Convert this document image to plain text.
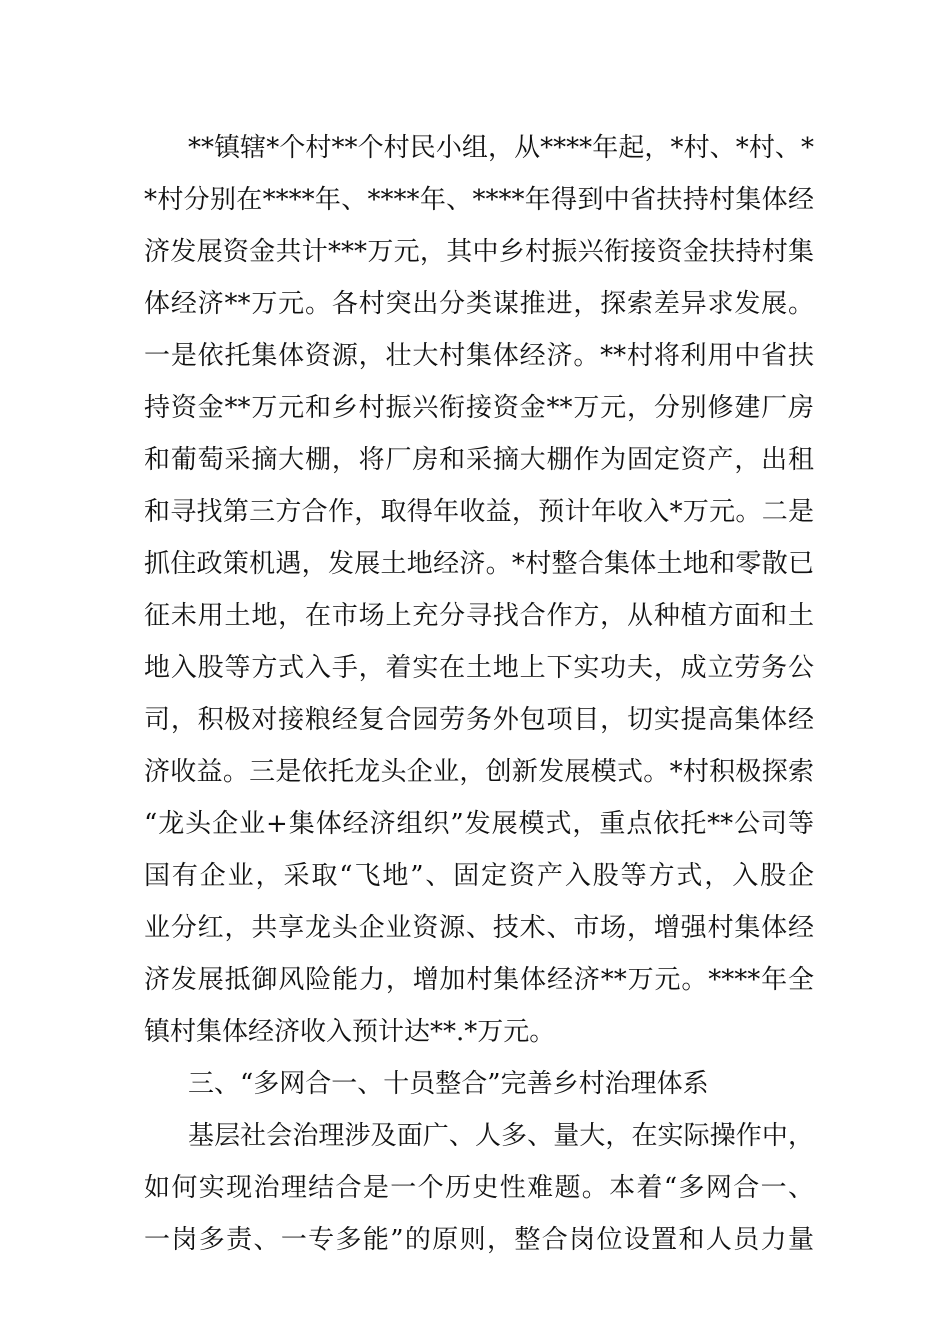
**镇辖*个村**个村民小组，从****年起，*村、*村、*
*村分别在****年、****年、****年得到中省扶持村集体经
济发展资金共计***万元，其中乡村振兴衔接资金扶持村集
体经济**万元。各村突出分类谋推进，探索差异求发展。
一是依托集体资源，壮大村集体经济。**村将利用中省扶
持资金**万元和乡村振兴衔接资金**万元，分别修建厂房
和葡萄采摘大棚，将厂房和采摘大棚作为固定资产，出租
和寻找第三方合作，取得年收益，预计年收入*万元。二是
抓住政策机遇，发展土地经济。*村整合集体土地和零散已
征未用土地，在市场上充分寻找合作方，从种植方面和土
地入股等方式入手，着实在土地上下实功夫，成立劳务公
司，积极对接粮经复合园劳务外包项目，切实提高集体经
济收益。三是依托龙头企业，创新发展模式。*村积极探索
“龙头企业+集体经济组织”发展模式，重点依托**公司等
国有企业，采取“飞地”、固定资产入股等方式，入股企
业分红，共享龙头企业资源、技术、市场，增强村集体经
济发展抵御风险能力，增加村集体经济**万元。****年全
镇村集体经济收入预计达**.*万元。
三、“多网合一、十员整合”完善乡村治理体系
基层社会治理涉及面广、人多、量大，在实际操作中，
如何实现治理结合是一个历史性难题。本着“多网合一、
一岗多责、一专多能”的原则，整合岗位设置和人员力量
